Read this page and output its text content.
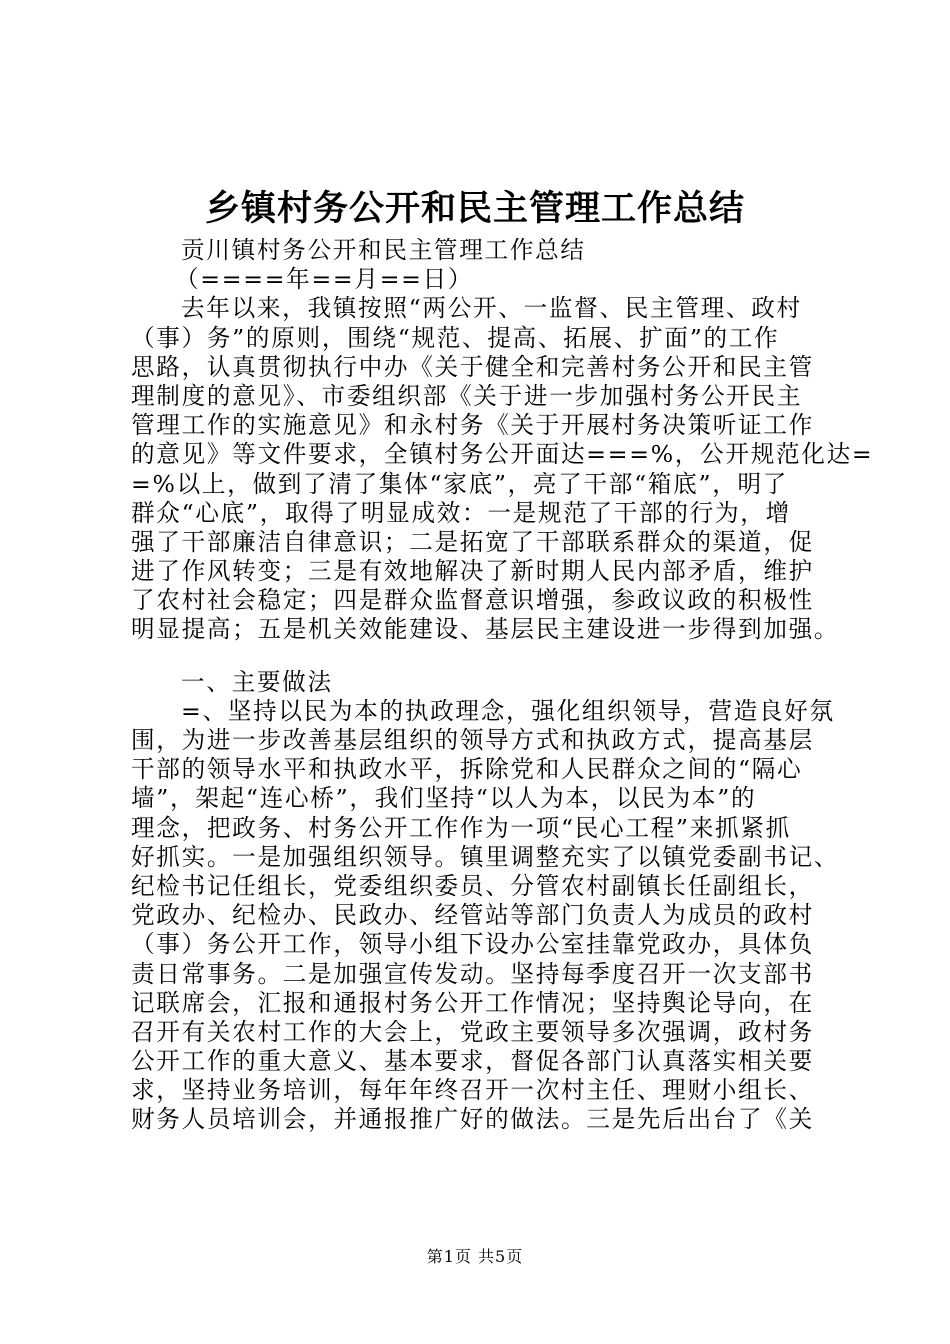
乡镇村务公开和民主管理工作总结
贡川镇村务公开和民主管理工作总结
（====年==月==日）
去年以来，我镇按照“两公开、一监督、民主管理、政村
（事）务”的原则，围绕“规范、提高、拓展、扩面”的工作
思路，认真贯彻执行中办《关于健全和完善村务公开和民主管
理制度的意见》、市委组织部《关于进一步加强村务公开民主
管理工作的实施意见》和永村务《关于开展村务决策听证工作
的意见》等文件要求，全镇村务公开面达===%，公开规范化达=
=%以上，做到了清了集体“家底”，亮了干部“箱底”，明了
群众“心底”，取得了明显成效：一是规范了干部的行为，增
强了干部廉洁自律意识；二是拓宽了干部联系群众的渠道，促
进了作风转变；三是有效地解决了新时期人民内部矛盾，维护
了农村社会稳定；四是群众监督意识增强，参政议政的积极性
明显提高；五是机关效能建设、基层民主建设进一步得到加强。
一、主要做法
=、坚持以民为本的执政理念，强化组织领导，营造良好氛
围，为进一步改善基层组织的领导方式和执政方式，提高基层
干部的领导水平和执政水平，拆除党和人民群众之间的“隔心
墙”，架起“连心桥”，我们坚持“以人为本，以民为本”的
理念，把政务、村务公开工作作为一项“民心工程”来抓紧抓
好抓实。一是加强组织领导。镇里调整充实了以镇党委副书记、
纪检书记任组长，党委组织委员、分管农村副镇长任副组长，
党政办、纪检办、民政办、经管站等部门负责人为成员的政村
（事）务公开工作，领导小组下设办公室挂靠党政办，具体负
责日常事务。二是加强宣传发动。坚持每季度召开一次支部书
记联席会，汇报和通报村务公开工作情况；坚持舆论导向，在
召开有关农村工作的大会上，党政主要领导多次强调，政村务
公开工作的重大意义、基本要求，督促各部门认真落实相关要
求，坚持业务培训，每年年终召开一次村主任、理财小组长、
财务人员培训会，并通报推广好的做法。三是先后出台了《关
第1页 共5页
